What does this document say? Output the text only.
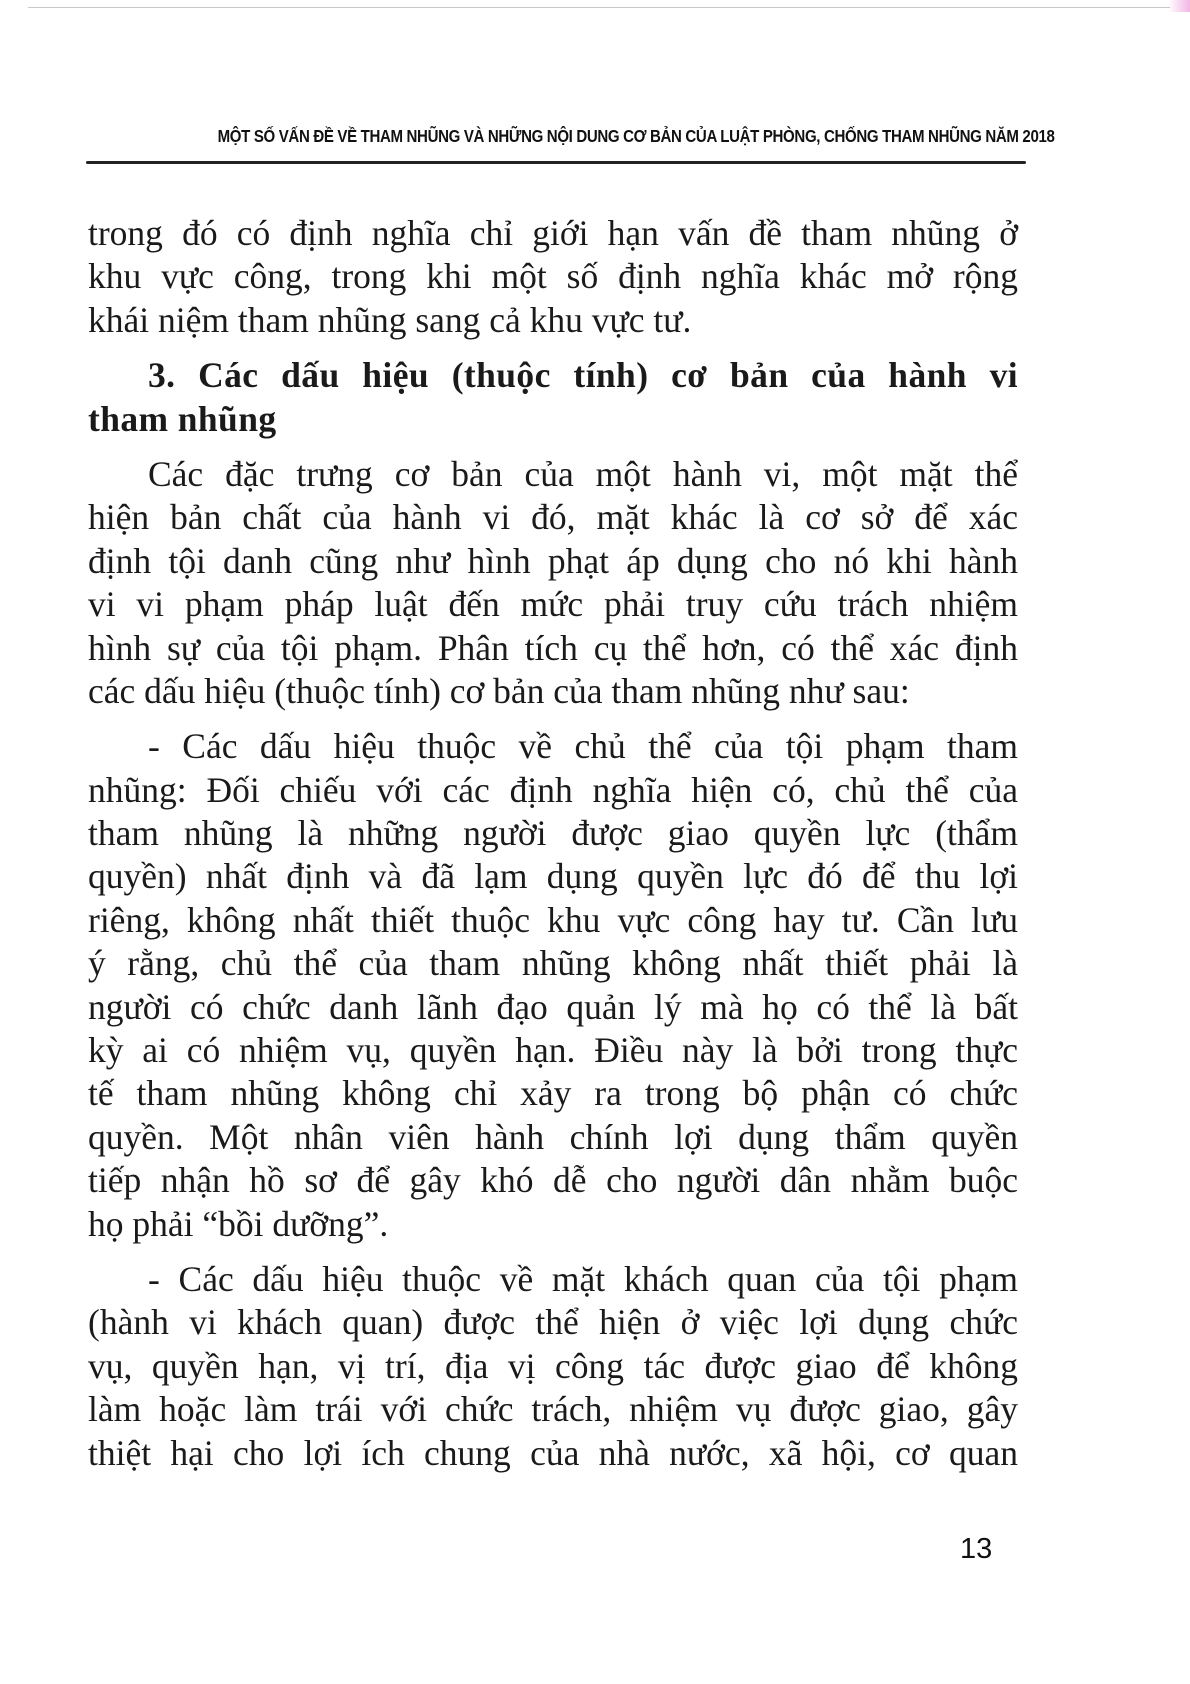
MỘT SỐ VẤN ĐỀ VỀ THAM NHŨNG VÀ NHỮNG NỘI DUNG CƠ BẢN CỦA LUẬT PHÒNG, CHỐNG THAM NHŨNG NĂM 2018
trong đó có định nghĩa chỉ giới hạn vấn đề tham nhũng ở
khu vực công, trong khi một số định nghĩa khác mở rộng
khái niệm tham nhũng sang cả khu vực tư.
3. Các dấu hiệu (thuộc tính) cơ bản của hành vi
tham nhũng
Các đặc trưng cơ bản của một hành vi, một mặt thể
hiện bản chất của hành vi đó, mặt khác là cơ sở để xác
định tội danh cũng như hình phạt áp dụng cho nó khi hành
vi vi phạm pháp luật đến mức phải truy cứu trách nhiệm
hình sự của tội phạm. Phân tích cụ thể hơn, có thể xác định
các dấu hiệu (thuộc tính) cơ bản của tham nhũng như sau:
- Các dấu hiệu thuộc về chủ thể của tội phạm tham
nhũng: Đối chiếu với các định nghĩa hiện có, chủ thể của
tham nhũng là những người được giao quyền lực (thẩm
quyền) nhất định và đã lạm dụng quyền lực đó để thu lợi
riêng, không nhất thiết thuộc khu vực công hay tư. Cần lưu
ý rằng, chủ thể của tham nhũng không nhất thiết phải là
người có chức danh lãnh đạo quản lý mà họ có thể là bất
kỳ ai có nhiệm vụ, quyền hạn. Điều này là bởi trong thực
tế tham nhũng không chỉ xảy ra trong bộ phận có chức
quyền. Một nhân viên hành chính lợi dụng thẩm quyền
tiếp nhận hồ sơ để gây khó dễ cho người dân nhằm buộc
họ phải “bồi dưỡng”.
- Các dấu hiệu thuộc về mặt khách quan của tội phạm
(hành vi khách quan) được thể hiện ở việc lợi dụng chức
vụ, quyền hạn, vị trí, địa vị công tác được giao để không
làm hoặc làm trái với chức trách, nhiệm vụ được giao, gây
thiệt hại cho lợi ích chung của nhà nước, xã hội, cơ quan
13
